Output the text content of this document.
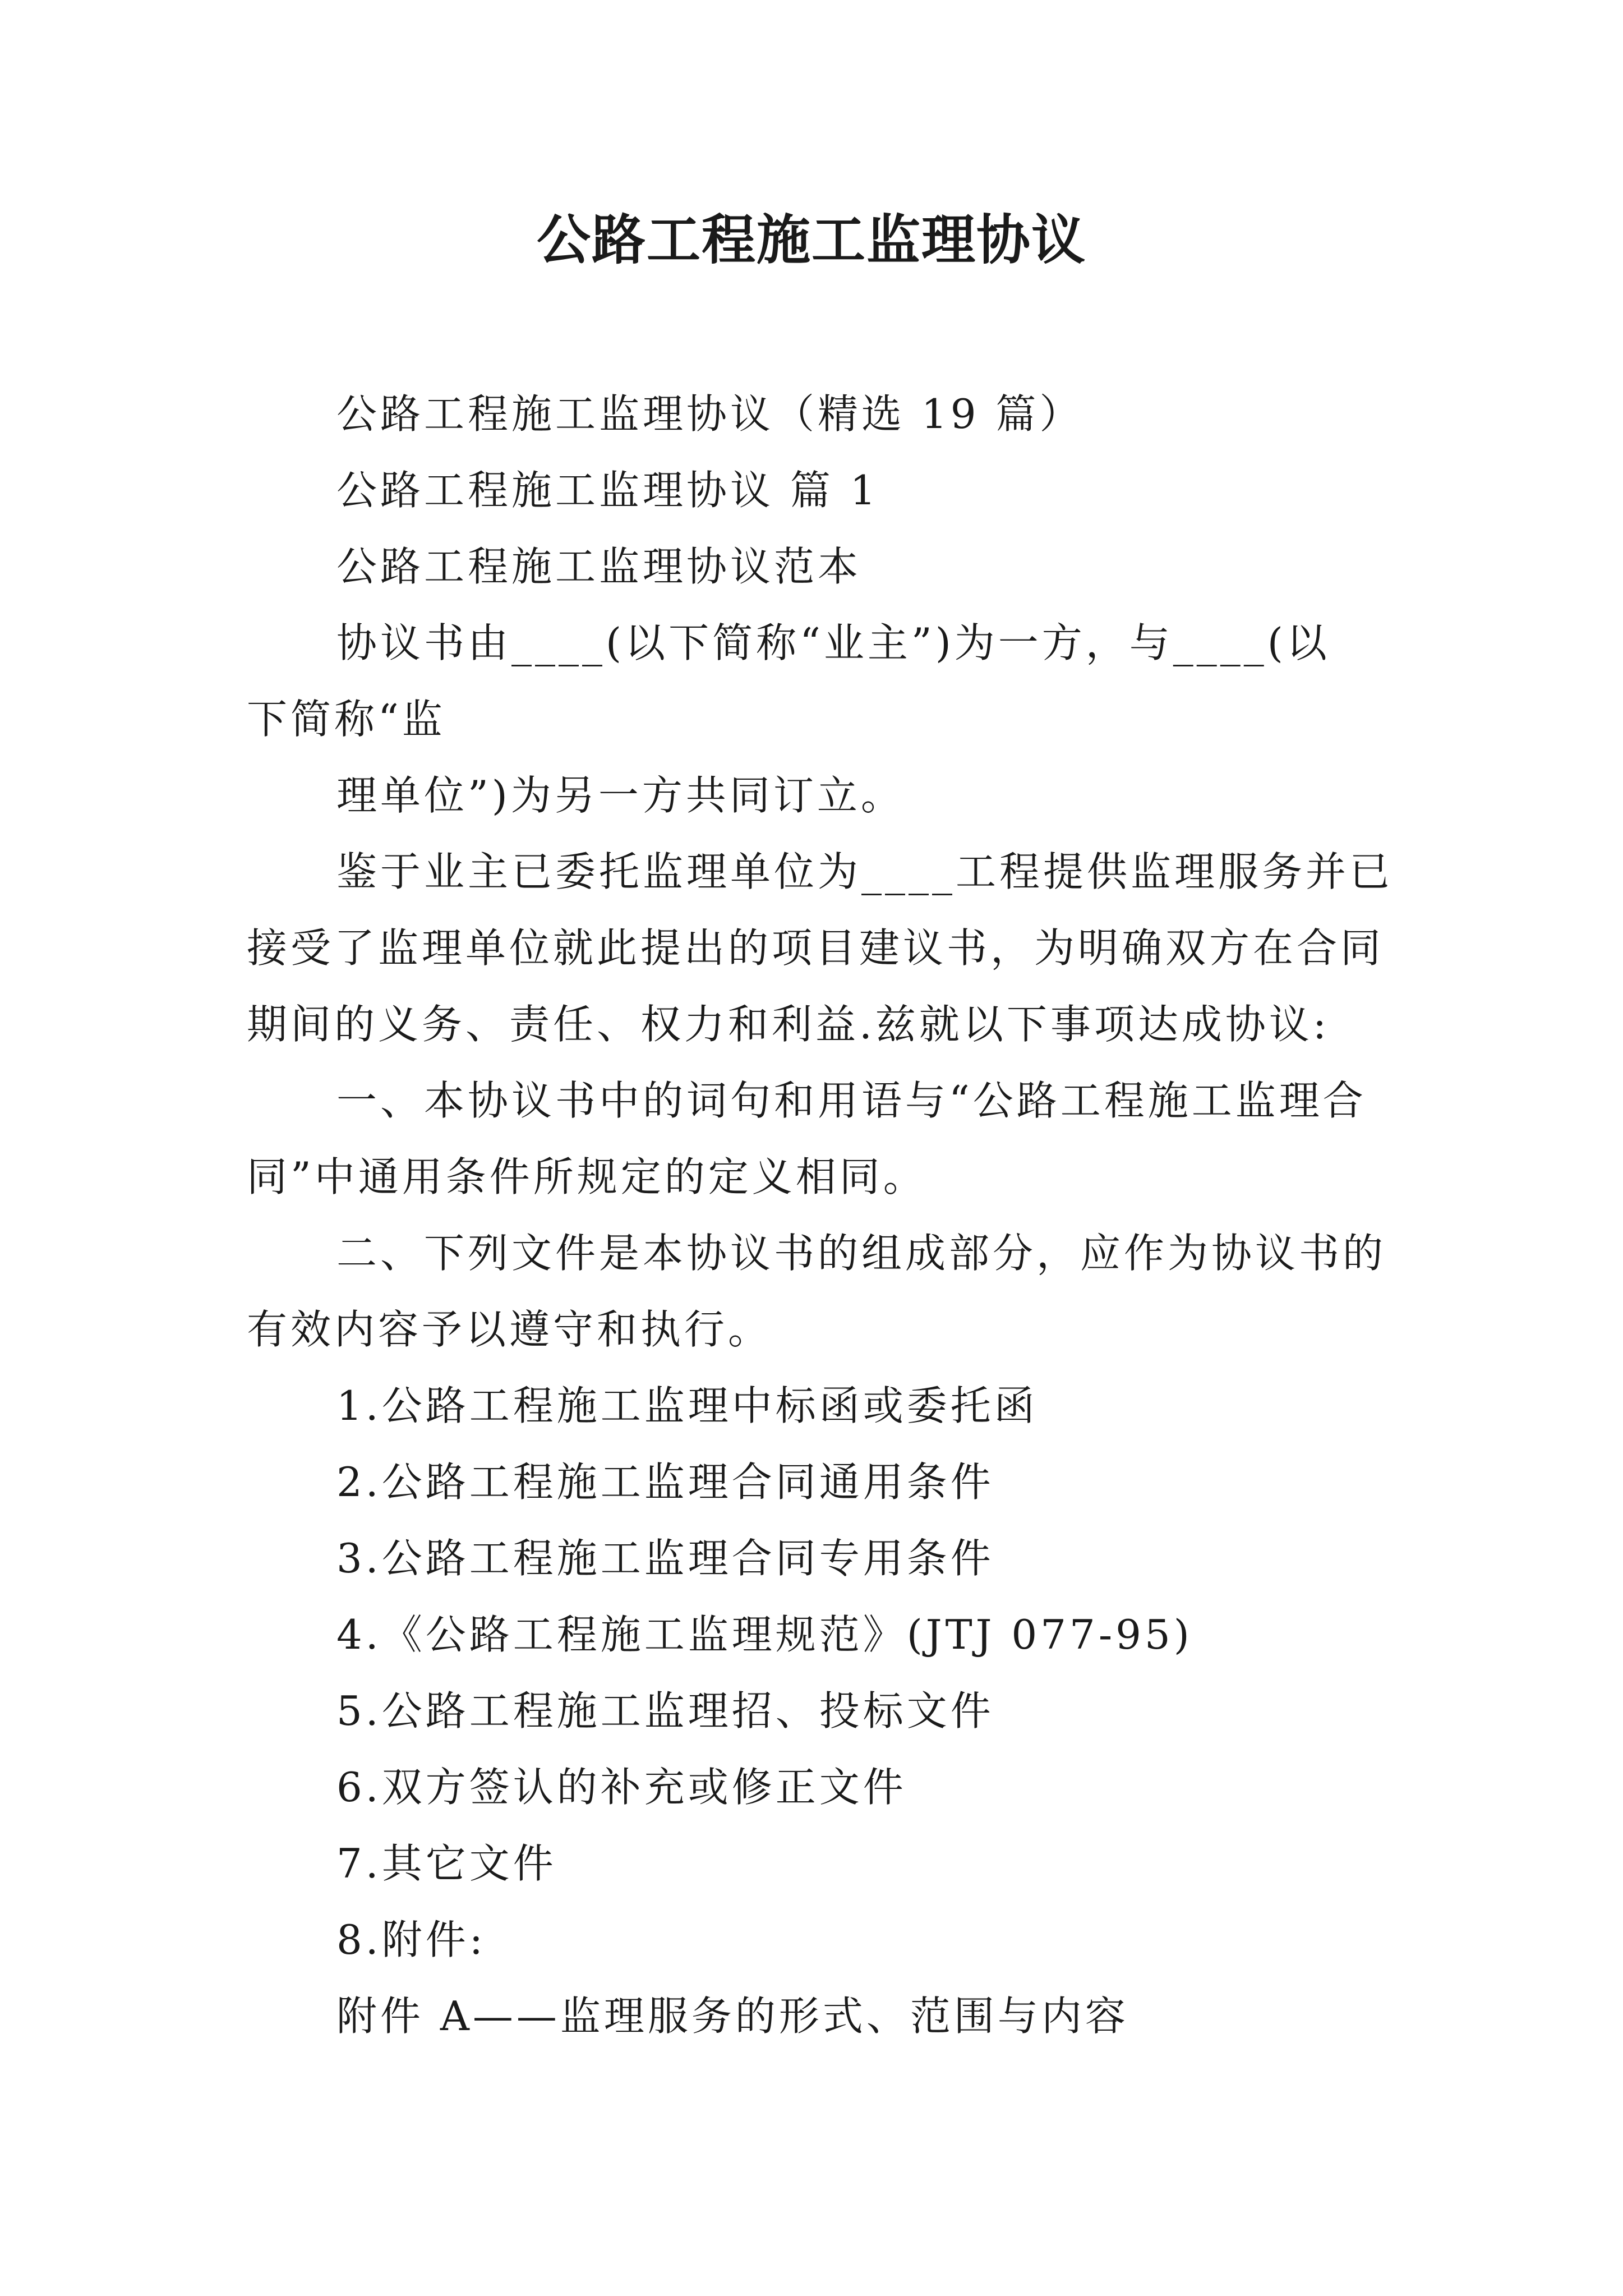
公路工程施工监理协议
公路工程施工监理协议（精选 19 篇）
公路工程施工监理协议 篇 1
公路工程施工监理协议范本
协议书由____(以下简称“业主”)为一方，与____(以
下简称“监
理单位”)为另一方共同订立。
鉴于业主已委托监理单位为____工程提供监理服务并已
接受了监理单位就此提出的项目建议书，为明确双方在合同
期间的义务、责任、权力和利益.兹就以下事项达成协议:
一、本协议书中的词句和用语与“公路工程施工监理合
同”中通用条件所规定的定义相同。
二、下列文件是本协议书的组成部分，应作为协议书的
有效内容予以遵守和执行。
1.公路工程施工监理中标函或委托函
2.公路工程施工监理合同通用条件
3.公路工程施工监理合同专用条件
4.《公路工程施工监理规范》(JTJ 077-95)
5.公路工程施工监理招、投标文件
6.双方签认的补充或修正文件
7.其它文件
8.附件:
附件 A——监理服务的形式、范围与内容
